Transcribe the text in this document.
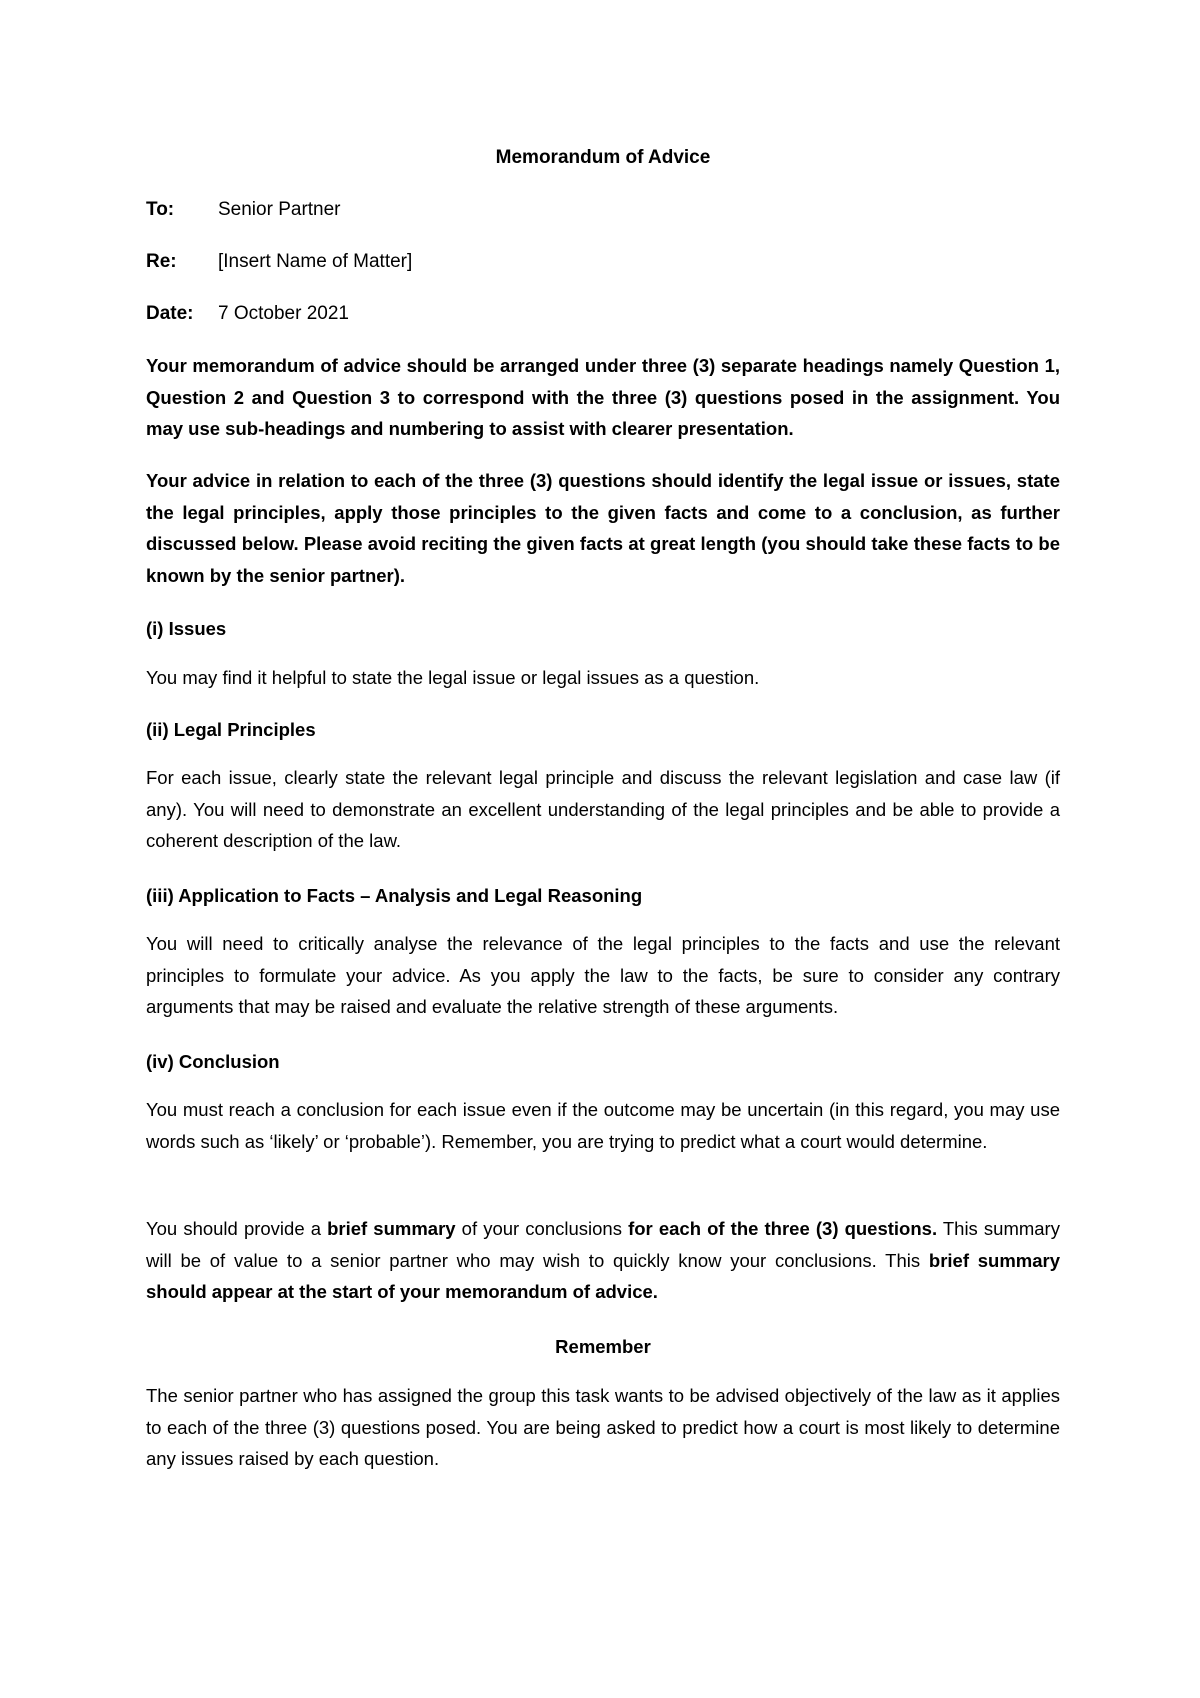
Memorandum of Advice
To: Senior Partner
Re: [Insert Name of Matter]
Date: 7 October 2021

Your memorandum of advice should be arranged under three (3) separate headings namely Question 1, Question 2 and Question 3 to correspond with the three (3) questions posed in the assignment. You may use sub-headings and numbering to assist with clearer presentation.

Your advice in relation to each of the three (3) questions should identify the legal issue or issues, state the legal principles, apply those principles to the given facts and come to a conclusion, as further discussed below. Please avoid reciting the given facts at great length (you should take these facts to be known by the senior partner).

(i) Issues

You may find it helpful to state the legal issue or legal issues as a question.

(ii) Legal Principles

For each issue, clearly state the relevant legal principle and discuss the relevant legislation and case law (if any). You will need to demonstrate an excellent understanding of the legal principles and be able to provide a coherent description of the law.

(iii) Application to Facts – Analysis and Legal Reasoning

You will need to critically analyse the relevance of the legal principles to the facts and use the relevant principles to formulate your advice. As you apply the law to the facts, be sure to consider any contrary arguments that may be raised and evaluate the relative strength of these arguments.

(iv) Conclusion

You must reach a conclusion for each issue even if the outcome may be uncertain (in this regard, you may use words such as ‘likely’ or ‘probable’). Remember, you are trying to predict what a court would determine.

You should provide a brief summary of your conclusions for each of the three (3) questions. This summary will be of value to a senior partner who may wish to quickly know your conclusions. This brief summary should appear at the start of your memorandum of advice.

Remember

The senior partner who has assigned the group this task wants to be advised objectively of the law as it applies to each of the three (3) questions posed. You are being asked to predict how a court is most likely to determine any issues raised by each question.
